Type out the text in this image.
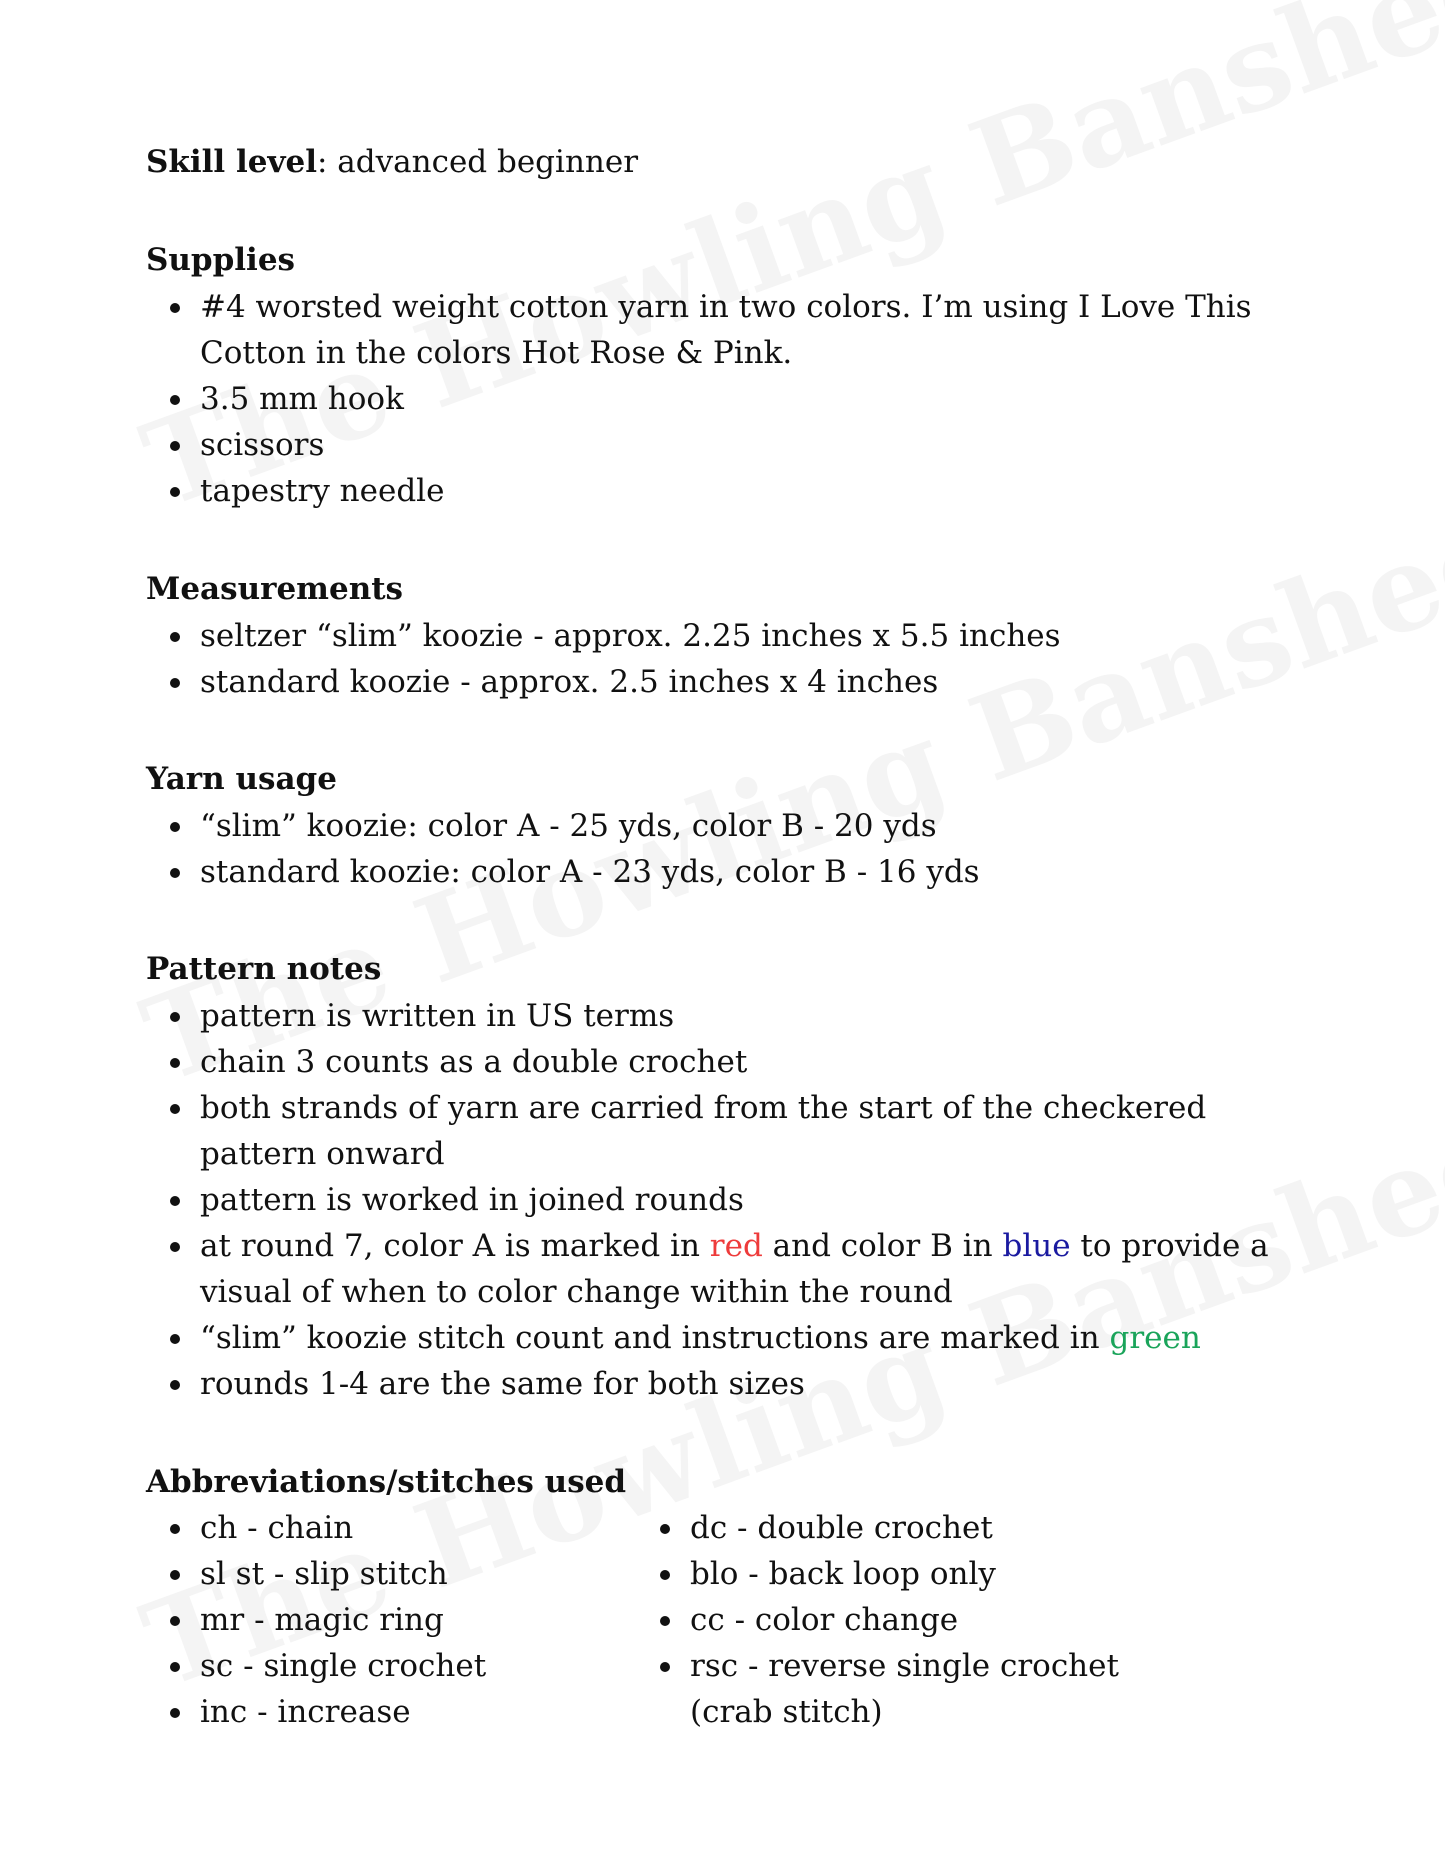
Skill level: advanced beginner
Supplies
#4 worsted weight cotton yarn in two colors. I’m using I Love This
Cotton in the colors Hot Rose & Pink.
3.5 mm hook
scissors
tapestry needle
Measurements
seltzer “slim” koozie - approx. 2.25 inches x 5.5 inches
standard koozie - approx. 2.5 inches x 4 inches
Yarn usage
“slim” koozie: color A - 25 yds, color B - 20 yds
standard koozie: color A - 23 yds, color B - 16 yds
Pattern notes
pattern is written in US terms
chain 3 counts as a double crochet
both strands of yarn are carried from the start of the checkered
pattern onward
pattern is worked in joined rounds
at round 7, color A is marked in red and color B in blue to provide a
visual of when to color change within the round
“slim” koozie stitch count and instructions are marked in green
rounds 1-4 are the same for both sizes
Abbreviations/stitches used
ch - chain
sl st - slip stitch
mr - magic ring
sc - single crochet
inc - increase
dc - double crochet
blo - back loop only
cc - color change
rsc - reverse single crochet
(crab stitch)
